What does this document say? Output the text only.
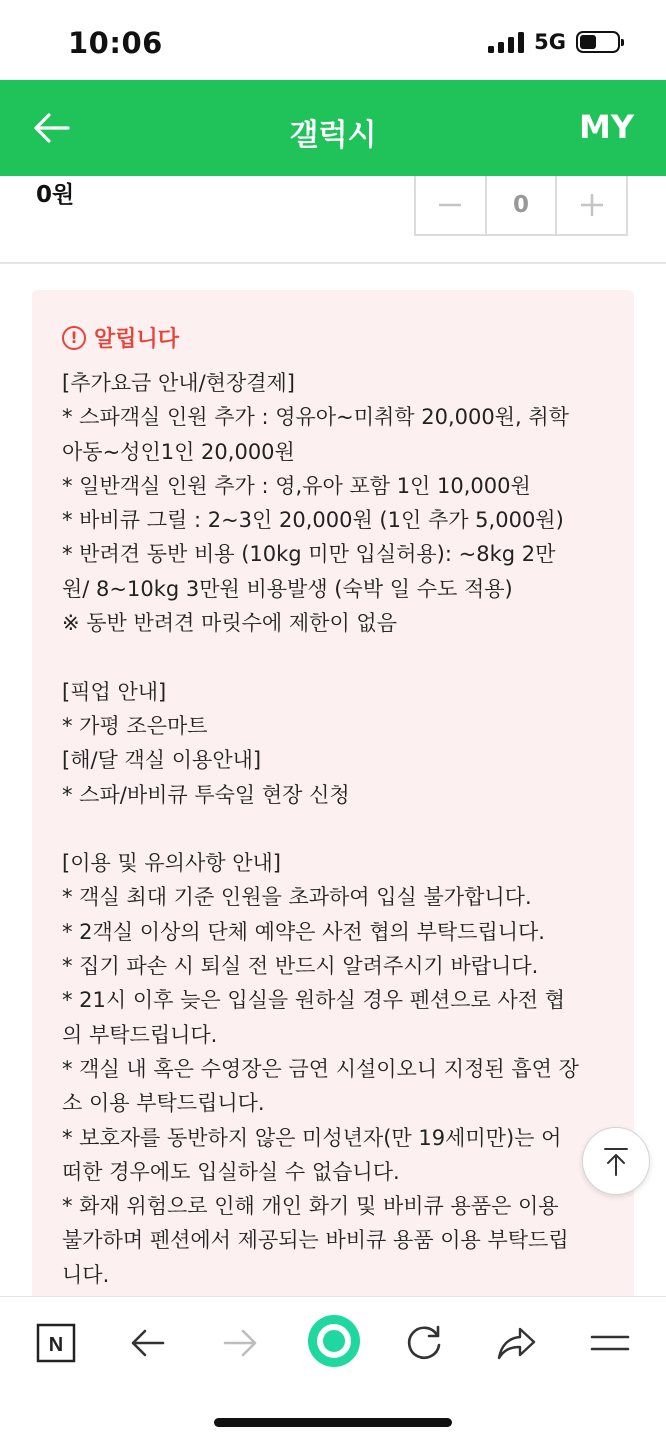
10:06	5G
갤럭시	MY
0원	0
! 알립니다
[추가요금 안내/현장결제]
* 스파객실 인원 추가 : 영유아~미취학 20,000원, 취학
아동~성인1인 20,000원
* 일반객실 인원 추가 : 영,유아 포함 1인 10,000원
* 바비큐 그릴 : 2~3인 20,000원 (1인 추가 5,000원)
* 반려견 동반 비용 (10kg 미만 입실허용): ~8kg 2만
원/ 8~10kg 3만원 비용발생 (숙박 일 수도 적용)
※ 동반 반려견 마릿수에 제한이 없음

[픽업 안내]
* 가평 조은마트
[해/달 객실 이용안내]
* 스파/바비큐 투숙일 현장 신청

[이용 및 유의사항 안내]
* 객실 최대 기준 인원을 초과하여 입실 불가합니다.
* 2객실 이상의 단체 예약은 사전 협의 부탁드립니다.
* 집기 파손 시 퇴실 전 반드시 알려주시기 바랍니다.
* 21시 이후 늦은 입실을 원하실 경우 펜션으로 사전 협
의 부탁드립니다.
* 객실 내 혹은 수영장은 금연 시설이오니 지정된 흡연 장
소 이용 부탁드립니다.
* 보호자를 동반하지 않은 미성년자(만 19세미만)는 어
떠한 경우에도 입실하실 수 없습니다.
* 화재 위험으로 인해 개인 화기 및 바비큐 용품은 이용
불가하며 펜션에서 제공되는 바비큐 용품 이용 부탁드립
니다.
N
